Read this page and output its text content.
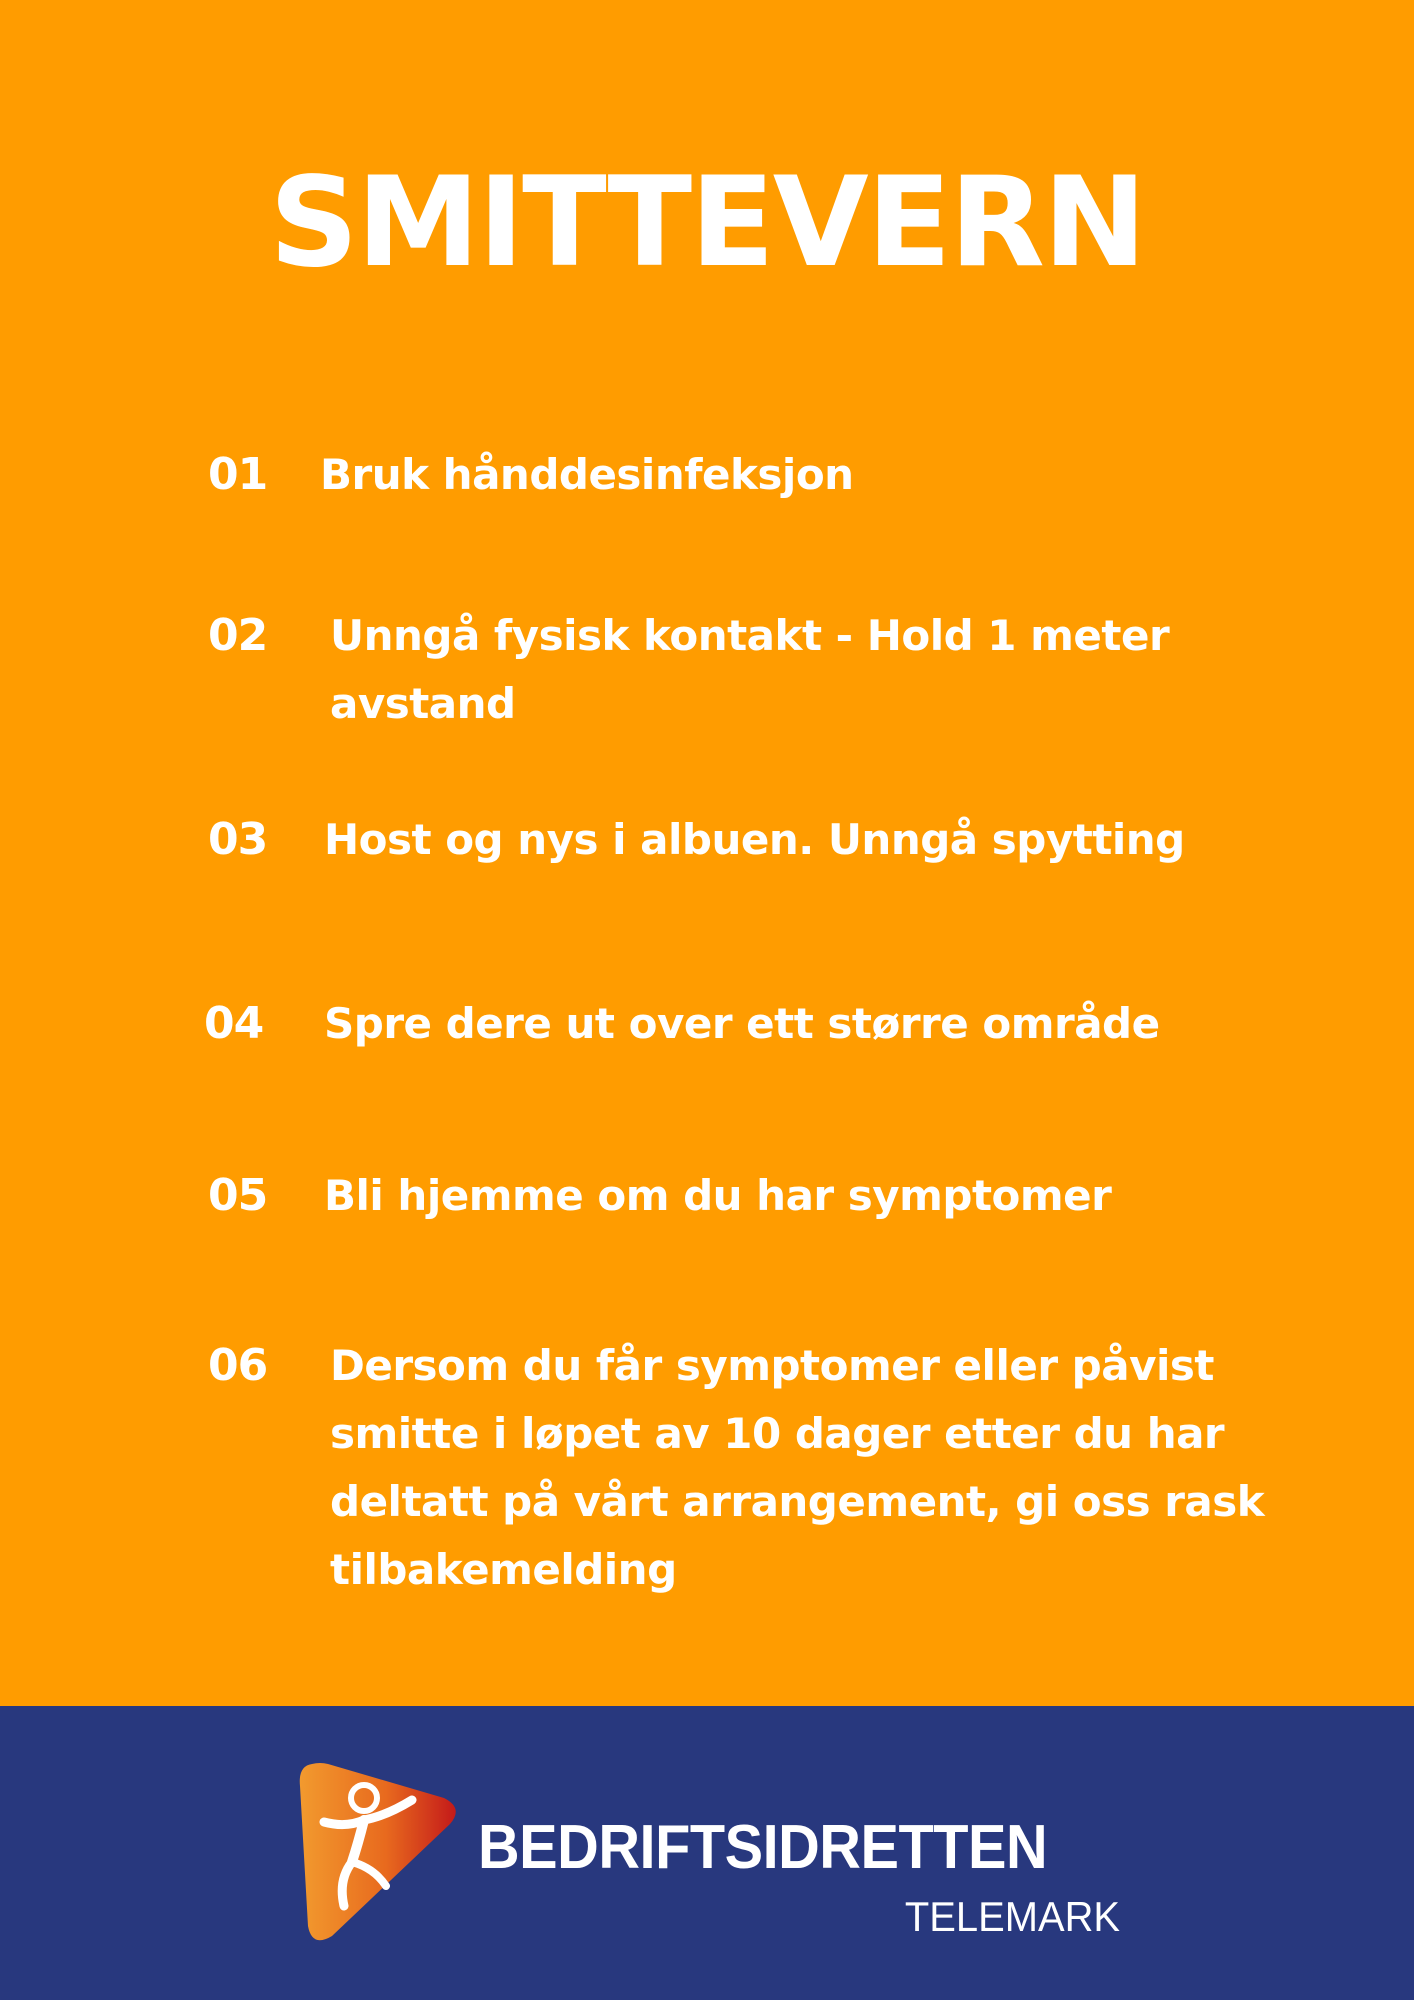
SMITTEVERN
01 Bruk hånddesinfeksjon
02 Unngå fysisk kontakt - Hold 1 meter avstand
03 Host og nys i albuen. Unngå spytting
04 Spre dere ut over ett større område
05 Bli hjemme om du har symptomer
06 Dersom du får symptomer eller påvist smitte i løpet av 10 dager etter du har deltatt på vårt arrangement, gi oss rask tilbakemelding
BEDRIFTSIDRETTEN
TELEMARK
